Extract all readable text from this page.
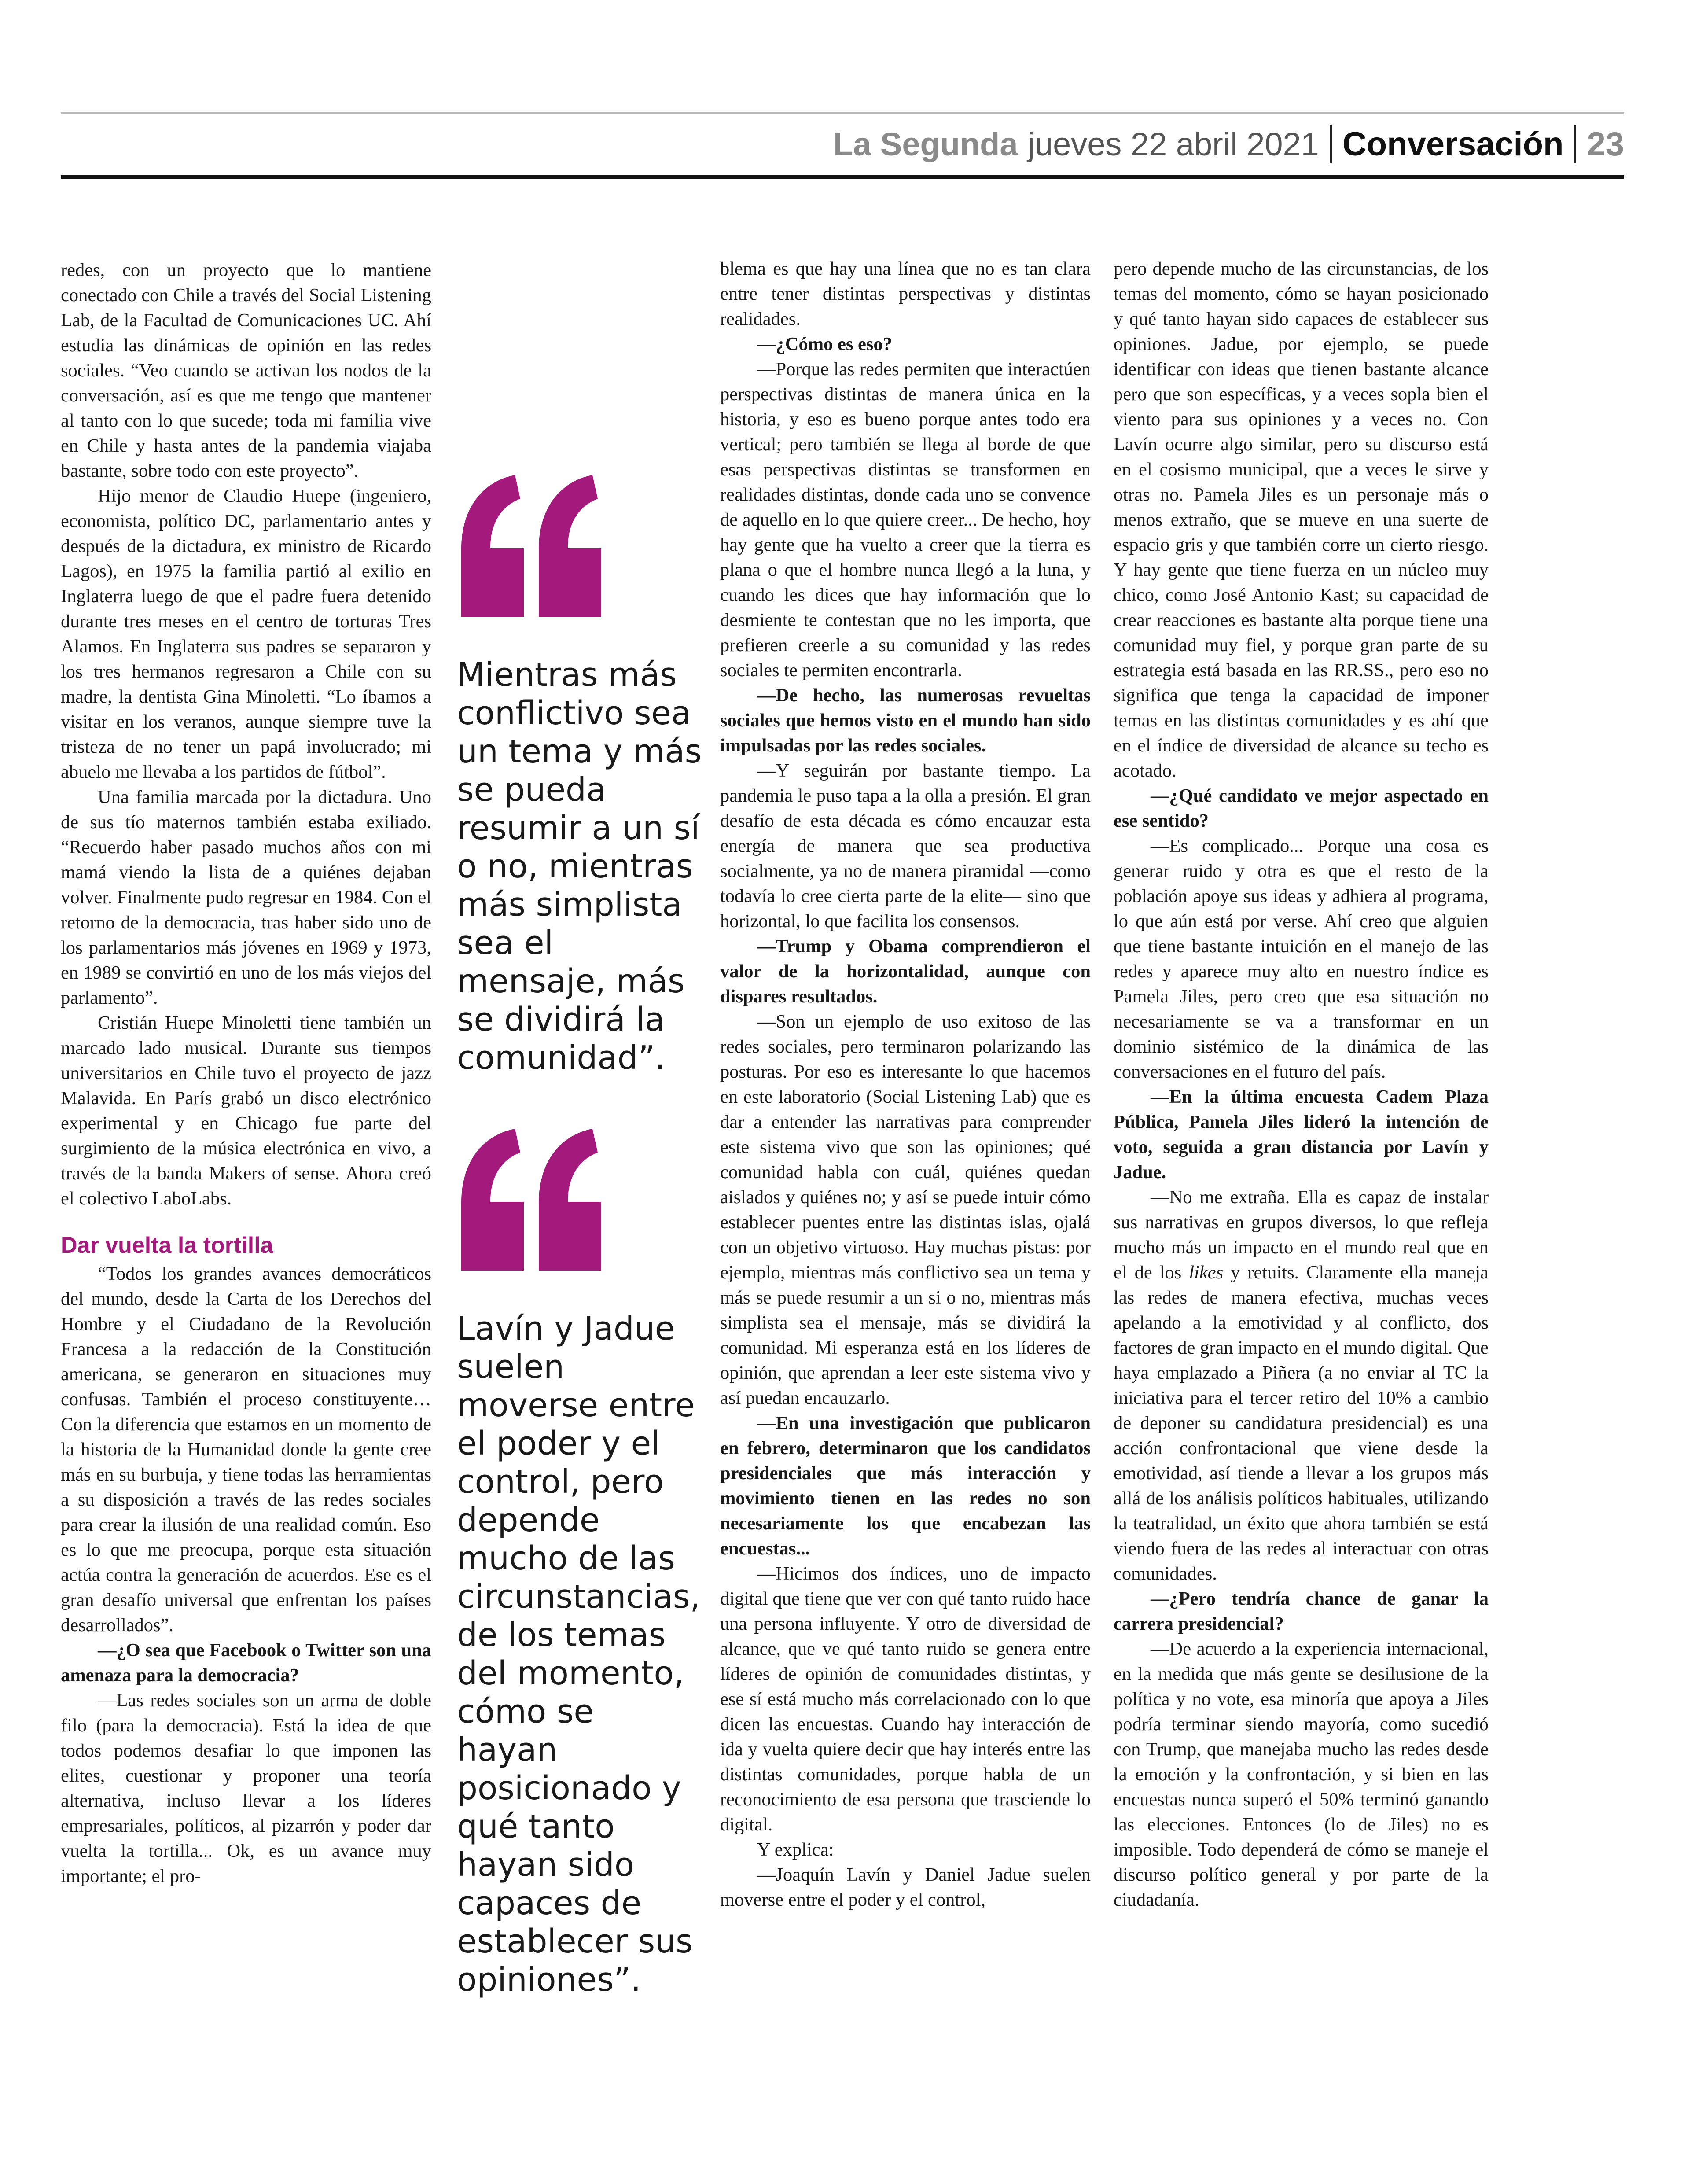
La Segunda jueves 22 abril 2021 Conversación 23

redes, con un proyecto que lo mantiene conectado con Chile a través del Social Listening Lab, de la Facultad de Comunicaciones UC. Ahí estudia las dinámicas de opinión en las redes sociales. “Veo cuando se activan los nodos de la conversación, así es que me tengo que mantener al tanto con lo que sucede; toda mi familia vive en Chile y hasta antes de la pandemia viajaba bastante, sobre todo con este proyecto”.

Hijo menor de Claudio Huepe (ingeniero, economista, político DC, parlamentario antes y después de la dictadura, ex ministro de Ricardo Lagos), en 1975 la familia partió al exilio en Inglaterra luego de que el padre fuera detenido durante tres meses en el centro de torturas Tres Alamos. En Inglaterra sus padres se separaron y los tres hermanos regresaron a Chile con su madre, la dentista Gina Minoletti. “Lo íbamos a visitar en los veranos, aunque siempre tuve la tristeza de no tener un papá involucrado; mi abuelo me llevaba a los partidos de fútbol”.

Una familia marcada por la dictadura. Uno de sus tío maternos también estaba exiliado. “Recuerdo haber pasado muchos años con mi mamá viendo la lista de a quiénes dejaban volver. Finalmente pudo regresar en 1984. Con el retorno de la democracia, tras haber sido uno de los parlamentarios más jóvenes en 1969 y 1973, en 1989 se convirtió en uno de los más viejos del parlamento”.

Cristián Huepe Minoletti tiene también un marcado lado musical. Durante sus tiempos universitarios en Chile tuvo el proyecto de jazz Malavida. En París grabó un disco electrónico experimental y en Chicago fue parte del surgimiento de la música electrónica en vivo, a través de la banda Makers of sense. Ahora creó el colectivo LaboLabs.

Dar vuelta la tortilla

“Todos los grandes avances democráticos del mundo, desde la Carta de los Derechos del Hombre y el Ciudadano de la Revolución Francesa a la redacción de la Constitución americana, se generaron en situaciones muy confusas. También el proceso constituyente… Con la diferencia que estamos en un momento de la historia de la Humanidad donde la gente cree más en su burbuja, y tiene todas las herramientas a su disposición a través de las redes sociales para crear la ilusión de una realidad común. Eso es lo que me preocupa, porque esta situación actúa contra la generación de acuerdos. Ese es el gran desafío universal que enfrentan los países desarrollados”.

—¿O sea que Facebook o Twitter son una amenaza para la democracia?

—Las redes sociales son un arma de doble filo (para la democracia). Está la idea de que todos podemos desafiar lo que imponen las elites, cuestionar y proponer una teoría alternativa, incluso llevar a los líderes empresariales, políticos, al pizarrón y poder dar vuelta la tortilla... Ok, es un avance muy importante; el pro-

Mientras más conflictivo sea un tema y más se pueda resumir a un sí o no, mientras más simplista sea el mensaje, más se dividirá la comunidad”.
Lavín y Jadue suelen moverse entre el poder y el control, pero depende mucho de las circunstancias, de los temas del momento, cómo se hayan posicionado y qué tanto hayan sido capaces de establecer sus opiniones”.

blema es que hay una línea que no es tan clara entre tener distintas perspectivas y distintas realidades.

—¿Cómo es eso?

—Porque las redes permiten que interactúen perspectivas distintas de manera única en la historia, y eso es bueno porque antes todo era vertical; pero también se llega al borde de que esas perspectivas distintas se transformen en realidades distintas, donde cada uno se convence de aquello en lo que quiere creer... De hecho, hoy hay gente que ha vuelto a creer que la tierra es plana o que el hombre nunca llegó a la luna, y cuando les dices que hay información que lo desmiente te contestan que no les importa, que prefieren creerle a su comunidad y las redes sociales te permiten encontrarla.

—De hecho, las numerosas revueltas sociales que hemos visto en el mundo han sido impulsadas por las redes sociales.

—Y seguirán por bastante tiempo. La pandemia le puso tapa a la olla a presión. El gran desafío de esta década es cómo encauzar esta energía de manera que sea productiva socialmente, ya no de manera piramidal —como todavía lo cree cierta parte de la elite— sino que horizontal, lo que facilita los consensos.

—Trump y Obama comprendieron el valor de la horizontalidad, aunque con dispares resultados.

—Son un ejemplo de uso exitoso de las redes sociales, pero terminaron polarizando las posturas. Por eso es interesante lo que hacemos en este laboratorio (Social Listening Lab) que es dar a entender las narrativas para comprender este sistema vivo que son las opiniones; qué comunidad habla con cuál, quiénes quedan aislados y quiénes no; y así se puede intuir cómo establecer puentes entre las distintas islas, ojalá con un objetivo virtuoso. Hay muchas pistas: por ejemplo, mientras más conflictivo sea un tema y más se puede resumir a un si o no, mientras más simplista sea el mensaje, más se dividirá la comunidad. Mi esperanza está en los líderes de opinión, que aprendan a leer este sistema vivo y así puedan encauzarlo.

—En una investigación que publicaron en febrero, determinaron que los candidatos presidenciales que más interacción y movimiento tienen en las redes no son necesariamente los que encabezan las encuestas...

—Hicimos dos índices, uno de impacto digital que tiene que ver con qué tanto ruido hace una persona influyente. Y otro de diversidad de alcance, que ve qué tanto ruido se genera entre líderes de opinión de comunidades distintas, y ese sí está mucho más correlacionado con lo que dicen las encuestas. Cuando hay interacción de ida y vuelta quiere decir que hay interés entre las distintas comunidades, porque habla de un reconocimiento de esa persona que trasciende lo digital.

Y explica:

—Joaquín Lavín y Daniel Jadue suelen moverse entre el poder y el control,

pero depende mucho de las circunstancias, de los temas del momento, cómo se hayan posicionado y qué tanto hayan sido capaces de establecer sus opiniones. Jadue, por ejemplo, se puede identificar con ideas que tienen bastante alcance pero que son específicas, y a veces sopla bien el viento para sus opiniones y a veces no. Con Lavín ocurre algo similar, pero su discurso está en el cosismo municipal, que a veces le sirve y otras no. Pamela Jiles es un personaje más o menos extraño, que se mueve en una suerte de espacio gris y que también corre un cierto riesgo. Y hay gente que tiene fuerza en un núcleo muy chico, como José Antonio Kast; su capacidad de crear reacciones es bastante alta porque tiene una comunidad muy fiel, y porque gran parte de su estrategia está basada en las RR.SS., pero eso no significa que tenga la capacidad de imponer temas en las distintas comunidades y es ahí que en el índice de diversidad de alcance su techo es acotado.

—¿Qué candidato ve mejor aspectado en ese sentido?

—Es complicado... Porque una cosa es generar ruido y otra es que el resto de la población apoye sus ideas y adhiera al programa, lo que aún está por verse. Ahí creo que alguien que tiene bastante intuición en el manejo de las redes y aparece muy alto en nuestro índice es Pamela Jiles, pero creo que esa situación no necesariamente se va a transformar en un dominio sistémico de la dinámica de las conversaciones en el futuro del país.

—En la última encuesta Cadem Plaza Pública, Pamela Jiles lideró la intención de voto, seguida a gran distancia por Lavín y Jadue.

—No me extraña. Ella es capaz de instalar sus narrativas en grupos diversos, lo que refleja mucho más un impacto en el mundo real que en el de los likes y retuits. Claramente ella maneja las redes de manera efectiva, muchas veces apelando a la emotividad y al conflicto, dos factores de gran impacto en el mundo digital. Que haya emplazado a Piñera (a no enviar al TC la iniciativa para el tercer retiro del 10% a cambio de deponer su candidatura presidencial) es una acción confrontacional que viene desde la emotividad, así tiende a llevar a los grupos más allá de los análisis políticos habituales, utilizando la teatralidad, un éxito que ahora también se está viendo fuera de las redes al interactuar con otras comunidades.

—¿Pero tendría chance de ganar la carrera presidencial?

—De acuerdo a la experiencia internacional, en la medida que más gente se desilusione de la política y no vote, esa minoría que apoya a Jiles podría terminar siendo mayoría, como sucedió con Trump, que manejaba mucho las redes desde la emoción y la confrontación, y si bien en las encuestas nunca superó el 50% terminó ganando las elecciones. Entonces (lo de Jiles) no es imposible. Todo dependerá de cómo se maneje el discurso político general y por parte de la ciudadanía.
